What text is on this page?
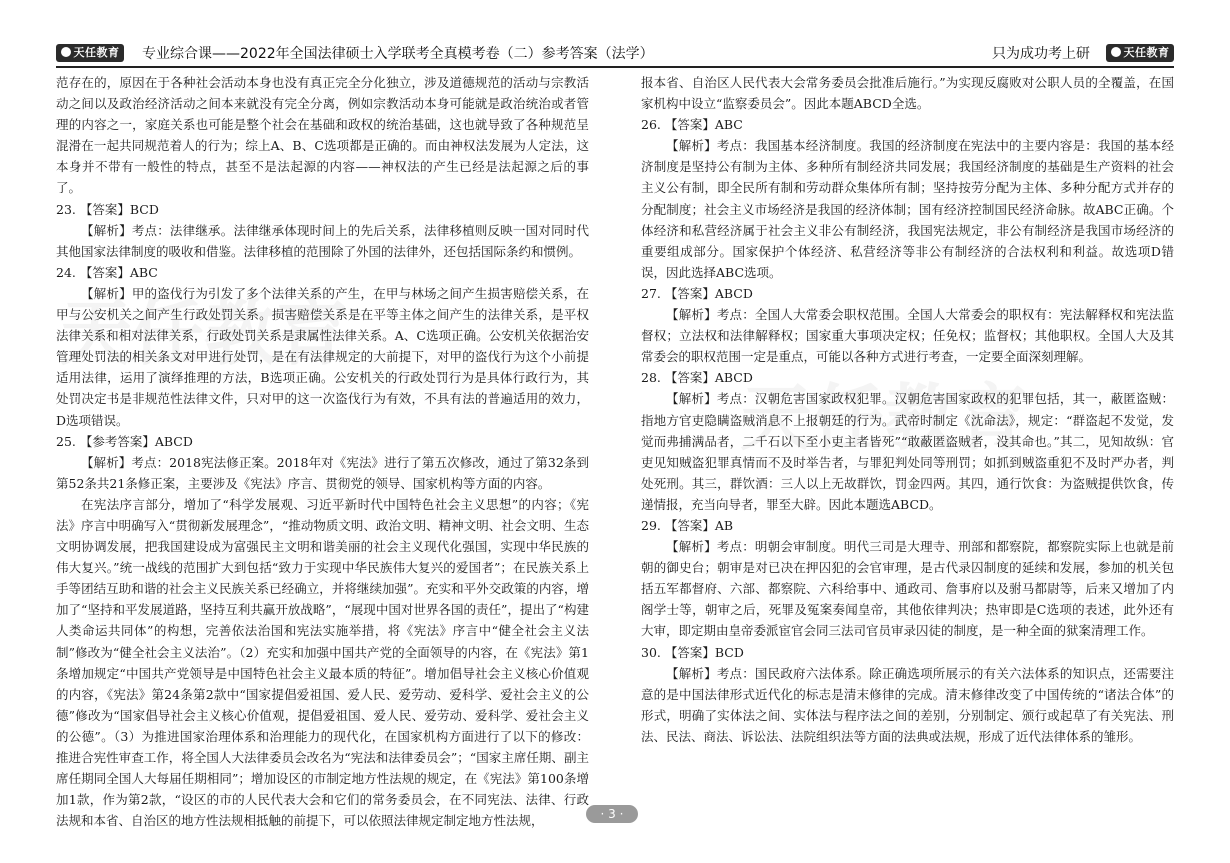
天任教育	专业综合课——2022年全国法律硕士入学联考全真模考卷（二）参考答案（法学）	只为成功考上研	天任教育

范存在的，原因在于各种社会活动本身也没有真正完全分化独立，涉及道德规范的活动与宗教活动之间以及政治经济活动之间本来就没有完全分离，例如宗教活动本身可能就是政治统治或者管理的内容之一，家庭关系也可能是整个社会在基础和政权的统治基础，这也就导致了各种规范呈混滑在一起共同规范着人的行为；综上A、B、C选项都是正确的。而由神权法发展为人定法，这本身并不带有一般性的特点，甚至不是法起源的内容——神权法的产生已经是法起源之后的事了。

23. 【答案】BCD

【解析】考点：法律继承。法律继承体现时间上的先后关系，法律移植则反映一国对同时代其他国家法律制度的吸收和借鉴。法律移植的范围除了外国的法律外，还包括国际条约和惯例。

24. 【答案】ABC

【解析】甲的盗伐行为引发了多个法律关系的产生，在甲与林场之间产生损害赔偿关系，在甲与公安机关之间产生行政处罚关系。损害赔偿关系是在平等主体之间产生的法律关系，是平权法律关系和相对法律关系，行政处罚关系是隶属性法律关系。A、C选项正确。公安机关依据治安管理处罚法的相关条文对甲进行处罚，是在有法律规定的大前提下，对甲的盗伐行为这个小前提适用法律，运用了演绎推理的方法，B选项正确。公安机关的行政处罚行为是具体行政行为，其处罚决定书是非规范性法律文件，只对甲的这一次盗伐行为有效，不具有法的普遍适用的效力，D选项错误。

25. 【参考答案】ABCD

【解析】考点：2018宪法修正案。2018年对《宪法》进行了第五次修改，通过了第32条到第52条共21条修正案，主要涉及《宪法》序言、贯彻党的领导、国家机构等方面的内容。

在宪法序言部分，增加了“科学发展观、习近平新时代中国特色社会主义思想”的内容；《宪法》序言中明确写入“贯彻新发展理念”，“推动物质文明、政治文明、精神文明、社会文明、生态文明协调发展，把我国建设成为富强民主文明和谐美丽的社会主义现代化强国，实现中华民族的伟大复兴。”统一战线的范围扩大到包括“致力于实现中华民族伟大复兴的爱国者”；在民族关系上手等团结互助和谐的社会主义民族关系已经确立，并将继续加强”。充实和平外交政策的内容，增加了“坚持和平发展道路，坚持互利共赢开放战略”，“展现中国对世界各国的责任”，提出了“构建人类命运共同体”的构想，完善依法治国和宪法实施举措，将《宪法》序言中“健全社会主义法制”修改为“健全社会主义法治”。（2）充实和加强中国共产党的全面领导的内容，在《宪法》第1条增加规定“中国共产党领导是中国特色社会主义最本质的特征”。增加倡导社会主义核心价值观的内容，《宪法》第24条第2款中“国家提倡爱祖国、爱人民、爱劳动、爱科学、爱社会主义的公德”修改为“国家倡导社会主义核心价值观，提倡爱祖国、爱人民、爱劳动、爱科学、爱社会主义的公德”。（3）为推进国家治理体系和治理能力的现代化，在国家机构方面进行了以下的修改：推进合宪性审查工作，将全国人大法律委员会改名为“宪法和法律委员会”；“国家主席任期、副主席任期同全国人大每届任期相同”；增加设区的市制定地方性法规的规定，在《宪法》第100条增加1款，作为第2款，“设区的市的人民代表大会和它们的常务委员会，在不同宪法、法律、行政法规和本省、自治区的地方性法规相抵触的前提下，可以依照法律规定制定地方性法规，

报本省、自治区人民代表大会常务委员会批准后施行。”为实现反腐败对公职人员的全覆盖，在国家机构中设立“监察委员会”。因此本题ABCD全选。

26. 【答案】ABC

【解析】考点：我国基本经济制度。我国的经济制度在宪法中的主要内容是：我国的基本经济制度是坚持公有制为主体、多种所有制经济共同发展；我国经济制度的基础是生产资料的社会主义公有制，即全民所有制和劳动群众集体所有制；坚持按劳分配为主体、多种分配方式并存的分配制度；社会主义市场经济是我国的经济体制；国有经济控制国民经济命脉。故ABC正确。个体经济和私营经济属于社会主义非公有制经济，我国宪法规定，非公有制经济是我国市场经济的重要组成部分。国家保护个体经济、私营经济等非公有制经济的合法权利和利益。故选项D错误，因此选择ABC选项。

27. 【答案】ABCD

【解析】考点：全国人大常委会职权范围。全国人大常委会的职权有：宪法解释权和宪法监督权；立法权和法律解释权；国家重大事项决定权；任免权；监督权；其他职权。全国人大及其常委会的职权范围一定是重点，可能以各种方式进行考查，一定要全面深刻理解。

28. 【答案】ABCD

【解析】考点：汉朝危害国家政权犯罪。汉朝危害国家政权的犯罪包括，其一，蔽匿盗贼：指地方官吏隐瞒盗贼消息不上报朝廷的行为。武帝时制定《沈命法》，规定：“群盗起不发觉，发觉而弗捕满品者，二千石以下至小吏主者皆死”“敢蔽匿盗贼者，没其命也。”其二，见知故纵：官吏见知贼盗犯罪真情而不及时举告者，与罪犯判处同等刑罚；如抓到贼盗重犯不及时严办者，判处死刑。其三，群饮酒：三人以上无故群饮，罚金四两。其四，通行饮食：为盗贼提供饮食，传递情报，充当向导者，罪至大辟。因此本题选ABCD。

29. 【答案】AB

【解析】考点：明朝会审制度。明代三司是大理寺、刑部和都察院，都察院实际上也就是前朝的御史台；朝审是对已决在押囚犯的会官审理，是古代录囚制度的延续和发展，参加的机关包括五军都督府、六部、都察院、六科给事中、通政司、詹事府以及驸马都尉等，后来又增加了内阁学士等，朝审之后，死罪及冤案奏闻皇帝，其他依律判决；热审即是C选项的表述，此外还有大审，即定期由皇帝委派宦官会同三法司官员审录囚徒的制度，是一种全面的狱案清理工作。

30. 【答案】BCD

【解析】考点：国民政府六法体系。除正确选项所展示的有关六法体系的知识点，还需要注意的是中国法律形式近代化的标志是清末修律的完成。清末修律改变了中国传统的“诸法合体”的形式，明确了实体法之间、实体法与程序法之间的差别，分别制定、颁行或起草了有关宪法、刑法、民法、商法、诉讼法、法院组织法等方面的法典或法规，形成了近代法律体系的雏形。

· 3 ·
